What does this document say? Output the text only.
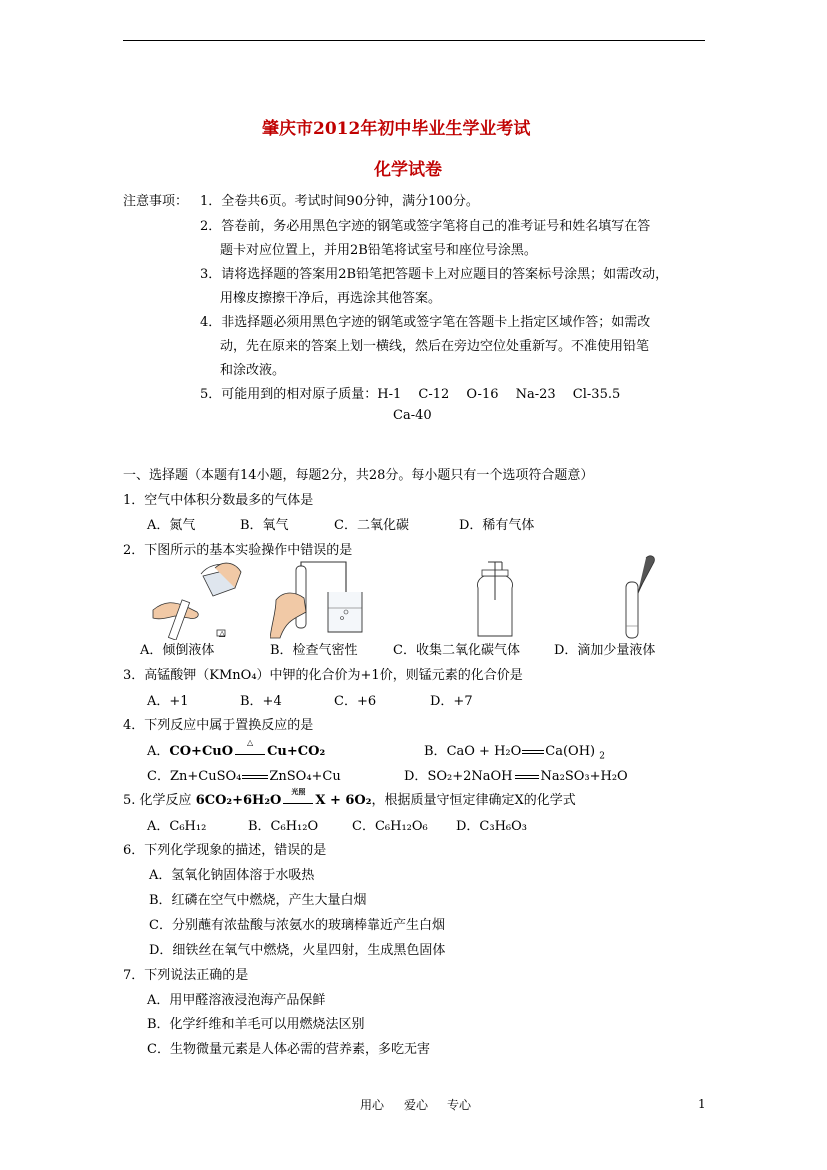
肇庆市2012年初中毕业生学业考试
化学试卷
注意事项： 1．全卷共6页。考试时间90分钟，满分100分。
2．答卷前，务必用黑色字迹的钢笔或签字笔将自己的准考证号和姓名填写在答
题卡对应位置上，并用2B铅笔将试室号和座位号涂黑。
3．请将选择题的答案用2B铅笔把答题卡上对应题目的答案标号涂黑；如需改动，
用橡皮擦擦干净后，再选涂其他答案。
4．非选择题必须用黑色字迹的钢笔或签字笔在答题卡上指定区域作答；如需改
动，先在原来的答案上划一横线，然后在旁边空位处重新写。不准使用铅笔
和涂改液。
5．可能用到的相对原子质量：H-1　 C-12　 O-16　 Na-23　 Cl-35.5
Ca-40
一、选择题（本题有14小题，每题2分，共28分。每小题只有一个选项符合题意）
1．空气中体积分数最多的气体是
A．氮气	B．氧气	C．二氧化碳	D．稀有气体
2．下图所示的基本实验操作中错误的是
A．倾倒液体
△
B．检查气密性	C．收集二氧化碳气体	D．滴加少量液体
3．高锰酸钾（KMnO₄）中钾的化合价为+1价，则锰元素的化合价是
A．+1	B．+4	C．+6	D．+7
4．下列反应中属于置换反应的是
A．CO+CuO
△
Cu+CO₂	B．CaO + H₂O Ca(OH) $_2$
C．Zn+CuSO₄ ZnSO₄+Cu	D．SO₂+2NaOH Na₂SO₃+H₂O
5. 化学反应 6CO₂+6H₂O
光照
X + 6O₂，根据质量守恒定律确定X的化学式
A．C₆H₁₂	B．C₆H₁₂O	C．C₆H₁₂O₆ D．C₃H₆O₃
6．下列化学现象的描述，错误的是
A．氢氧化钠固体溶于水吸热
B．红磷在空气中燃烧，产生大量白烟
C．分别蘸有浓盐酸与浓氨水的玻璃棒靠近产生白烟
D．细铁丝在氧气中燃烧，火星四射，生成黑色固体
7．下列说法正确的是
A．用甲醛溶液浸泡海产品保鲜
B．化学纤维和羊毛可以用燃烧法区别
C．生物微量元素是人体必需的营养素，多吃无害
用心 爱心 专心	1
